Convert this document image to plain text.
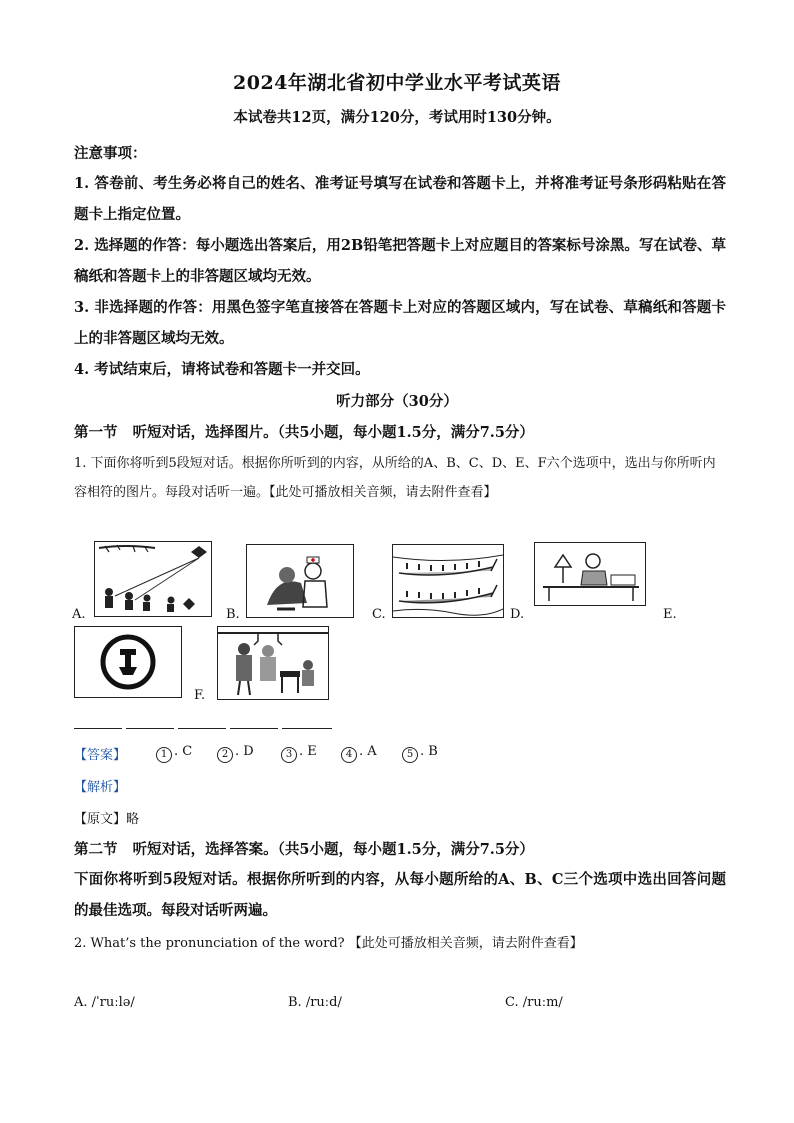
2024年湖北省初中学业水平考试英语
本试卷共12页，满分120分，考试用时130分钟。
注意事项：

1. 答卷前、考生务必将自己的姓名、准考证号填写在试卷和答题卡上，并将准考证号条形码粘贴在答题卡上指定位置。

2. 选择题的作答：每小题选出答案后，用2B铅笔把答题卡上对应题目的答案标号涂黑。写在试卷、草稿纸和答题卡上的非答题区域均无效。

3. 非选择题的作答：用黑色签字笔直接答在答题卡上对应的答题区域内，写在试卷、草稿纸和答题卡上的非答题区域均无效。

4. 考试结束后，请将试卷和答题卡一并交回。

听力部分（30分）
第一节   听短对话，选择图片。（共5小题，每小题1.5分，满分7.5分）

1. 下面你将听到5段短对话。根据你所听到的内容，从所给的A、B、C、D、E、F六个选项中，选出与你所听内容相符的图片。每段对话听一遍。【此处可播放相关音频，请去附件查看】

A.	B.	C.	D.	E.
F.
【答案】	1 . C	2 . D	3 . E	4 . A	5 . B
【解析】
【原文】略
第二节   听短对话，选择答案。（共5小题，每小题1.5分，满分7.5分）

下面你将听到5段短对话。根据你所听到的内容，从每小题所给的A、B、C三个选项中选出回答问题的最佳选项。每段对话听两遍。

2. What’s the pronunciation of the word? 【此处可播放相关音频，请去附件查看】
A. /ˈruːlə/	B. /ruːd/	C. /ruːm/
